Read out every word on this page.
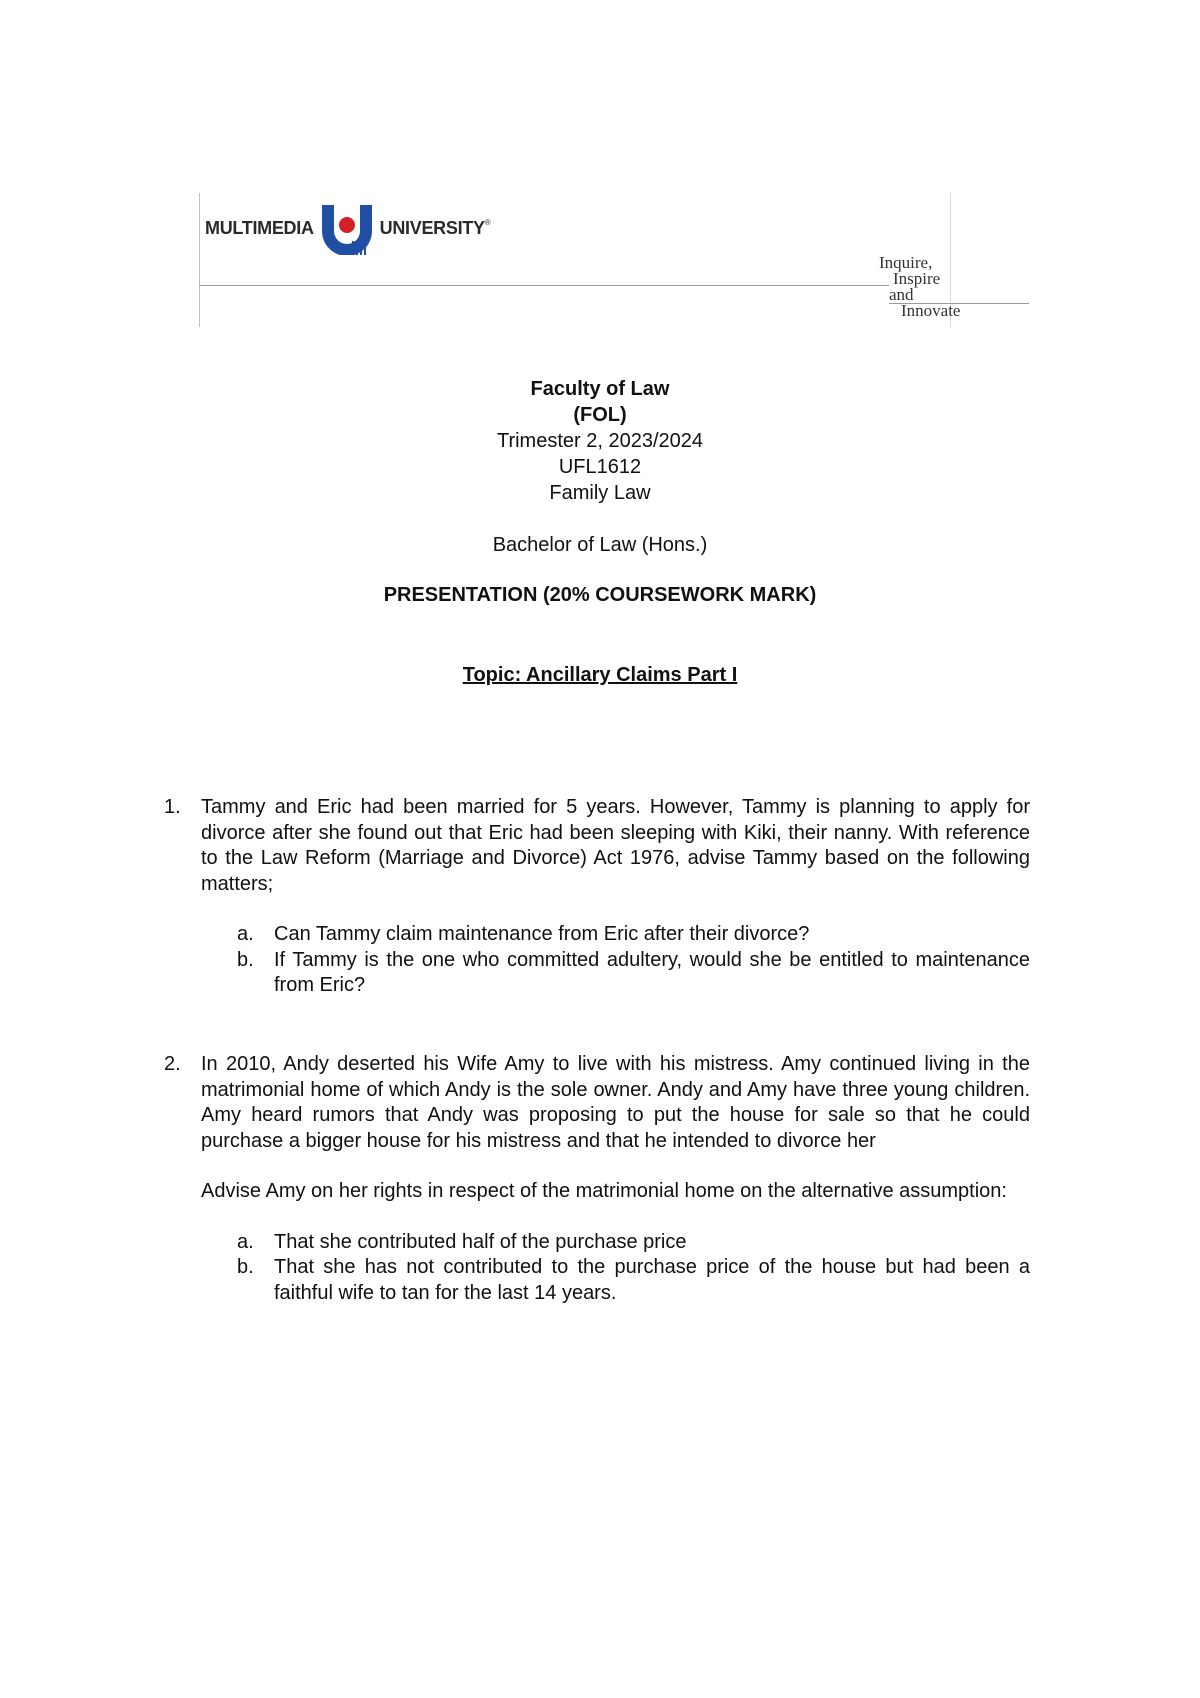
MULTIMEDIA	UNIVERSITY®
Inquire,
Inspire
and
Innovate
Faculty of Law
(FOL)
Trimester 2, 2023/2024
UFL1612
Family Law
Bachelor of Law (Hons.)
PRESENTATION (20% COURSEWORK MARK)
Topic: Ancillary Claims Part I
1. Tammy and Eric had been married for 5 years. However, Tammy is planning to apply for divorce after she found out that Eric had been sleeping with Kiki, their nanny. With reference to the Law Reform (Marriage and Divorce) Act 1976, advise Tammy based on the following matters;

a. Can Tammy claim maintenance from Eric after their divorce?
b. If Tammy is the one who committed adultery, would she be entitled to maintenance from Eric?
2. In 2010, Andy deserted his Wife Amy to live with his mistress. Amy continued living in the matrimonial home of which Andy is the sole owner. Andy and Amy have three young children. Amy heard rumors that Andy was proposing to put the house for sale so that he could purchase a bigger house for his mistress and that he intended to divorce her

Advise Amy on her rights in respect of the matrimonial home on the alternative assumption:

a. That she contributed half of the purchase price
b. That she has not contributed to the purchase price of the house but had been a faithful wife to tan for the last 14 years.
